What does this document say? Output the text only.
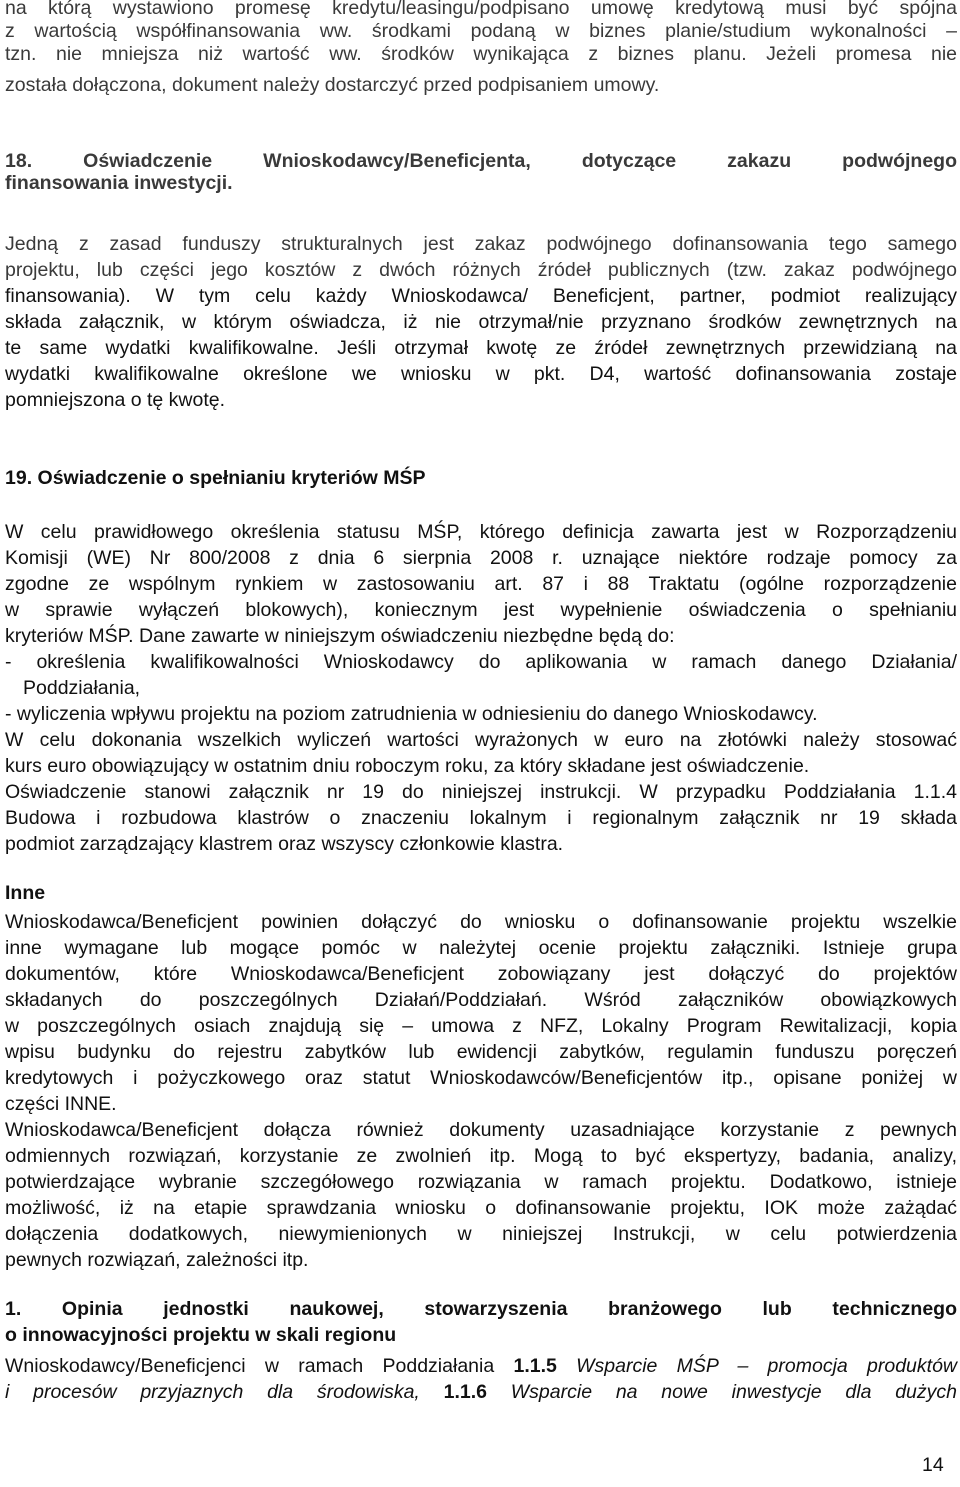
na którą wystawiono promesę kredytu/leasingu/podpisano umowę kredytową musi być spójna

z wartością współfinansowania ww. środkami podaną w biznes planie/studium wykonalności –

tzn. nie mniejsza niż wartość ww. środków wynikająca z biznes planu. Jeżeli promesa nie

została dołączona, dokument należy dostarczyć przed podpisaniem umowy.

18. Oświadczenie Wnioskodawcy/Beneficjenta, dotyczące zakazu podwójnego

finansowania inwestycji.

Jedną z zasad funduszy strukturalnych jest zakaz podwójnego dofinansowania tego samego

projektu, lub części jego kosztów z dwóch różnych źródeł publicznych (tzw. zakaz podwójnego

finansowania). W tym celu każdy Wnioskodawca/ Beneficjent, partner, podmiot realizujący

składa załącznik, w którym oświadcza, iż nie otrzymał/nie przyznano środków zewnętrznych na

te same wydatki kwalifikowalne. Jeśli otrzymał kwotę ze źródeł zewnętrznych przewidzianą na

wydatki kwalifikowalne określone we wniosku w pkt. D4, wartość dofinansowania zostaje

pomniejszona o tę kwotę.

19. Oświadczenie o spełnianiu kryteriów MŚP

W celu prawidłowego określenia statusu MŚP, którego definicja zawarta jest w Rozporządzeniu

Komisji (WE) Nr 800/2008 z dnia 6 sierpnia 2008 r. uznające niektóre rodzaje pomocy za

zgodne ze wspólnym rynkiem w zastosowaniu art. 87 i 88 Traktatu (ogólne rozporządzenie

w sprawie wyłączeń blokowych), koniecznym jest wypełnienie oświadczenia o spełnianiu

kryteriów MŚP. Dane zawarte w niniejszym oświadczeniu niezbędne będą do:

- określenia kwalifikowalności Wnioskodawcy do aplikowania w ramach danego Działania/

Poddziałania,

- wyliczenia wpływu projektu na poziom zatrudnienia w odniesieniu do danego Wnioskodawcy.

W celu dokonania wszelkich wyliczeń wartości wyrażonych w euro na złotówki należy stosować

kurs euro obowiązujący w ostatnim dniu roboczym roku, za który składane jest oświadczenie.

Oświadczenie stanowi załącznik nr 19 do niniejszej instrukcji. W przypadku Poddziałania 1.1.4

Budowa i rozbudowa klastrów o znaczeniu lokalnym i regionalnym załącznik nr 19 składa

podmiot zarządzający klastrem oraz wszyscy członkowie klastra.

Inne

Wnioskodawca/Beneficjent powinien dołączyć do wniosku o dofinansowanie projektu wszelkie

inne wymagane lub mogące pomóc w należytej ocenie projektu załączniki. Istnieje grupa

dokumentów, które Wnioskodawca/Beneficjent zobowiązany jest dołączyć do projektów

składanych do poszczególnych Działań/Poddziałań. Wśród załączników obowiązkowych

w poszczególnych osiach znajdują się – umowa z NFZ, Lokalny Program Rewitalizacji, kopia

wpisu budynku do rejestru zabytków lub ewidencji zabytków, regulamin funduszu poręczeń

kredytowych i pożyczkowego oraz statut Wnioskodawców/Beneficjentów itp., opisane poniżej w

części INNE.

Wnioskodawca/Beneficjent dołącza również dokumenty uzasadniające korzystanie z pewnych

odmiennych rozwiązań, korzystanie ze zwolnień itp. Mogą to być ekspertyzy, badania, analizy,

potwierdzające wybranie szczegółowego rozwiązania w ramach projektu. Dodatkowo, istnieje

możliwość, iż na etapie sprawdzania wniosku o dofinansowanie projektu, IOK może zażądać

dołączenia dodatkowych, niewymienionych w niniejszej Instrukcji, w celu potwierdzenia

pewnych rozwiązań, zależności itp.

1. Opinia jednostki naukowej, stowarzyszenia branżowego lub technicznego

o innowacyjności projektu w skali regionu

Wnioskodawcy/Beneficjenci w ramach Poddziałania 1.1.5 Wsparcie MŚP – promocja produktów

i procesów przyjaznych dla środowiska, 1.1.6 Wsparcie na nowe inwestycje dla dużych

14
